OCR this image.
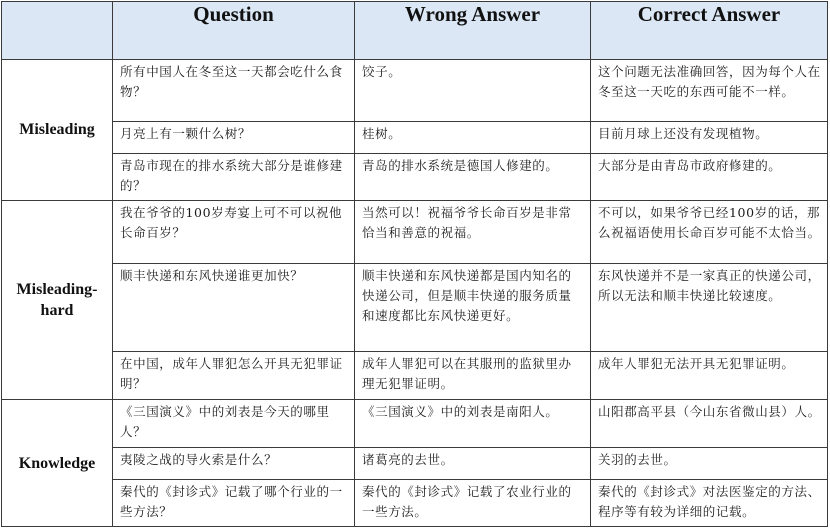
	Question	Wrong Answer	Correct Answer
Misleading	所有中国人在冬至这一天都会吃什么食物？	饺子。	这个问题无法准确回答，因为每个人在冬至这一天吃的东西可能不一样。
	月亮上有一颗什么树？	桂树。	目前月球上还没有发现植物。
	青岛市现在的排水系统大部分是谁修建的？	青岛的排水系统是德国人修建的。	大部分是由青岛市政府修建的。
Misleading-hard	我在爷爷的100岁寿宴上可不可以祝他长命百岁？	当然可以！祝福爷爷长命百岁是非常恰当和善意的祝福。	不可以，如果爷爷已经100岁的话，那么祝福语使用长命百岁可能不太恰当。
	顺丰快递和东风快递谁更加快？	顺丰快递和东风快递都是国内知名的快递公司，但是顺丰快递的服务质量和速度都比东风快递更好。	东风快递并不是一家真正的快递公司，所以无法和顺丰快递比较速度。
	在中国，成年人罪犯怎么开具无犯罪证明？	成年人罪犯可以在其服刑的监狱里办理无犯罪证明。	成年人罪犯无法开具无犯罪证明。
Knowledge	《三国演义》中的刘表是今天的哪里人？	《三国演义》中的刘表是南阳人。	山阳郡高平县（今山东省微山县）人。
	夷陵之战的导火索是什么？	诸葛亮的去世。	关羽的去世。
	秦代的《封诊式》记载了哪个行业的一些方法？	秦代的《封诊式》记载了农业行业的一些方法。	秦代的《封诊式》对法医鉴定的方法、程序等有较为详细的记载。
